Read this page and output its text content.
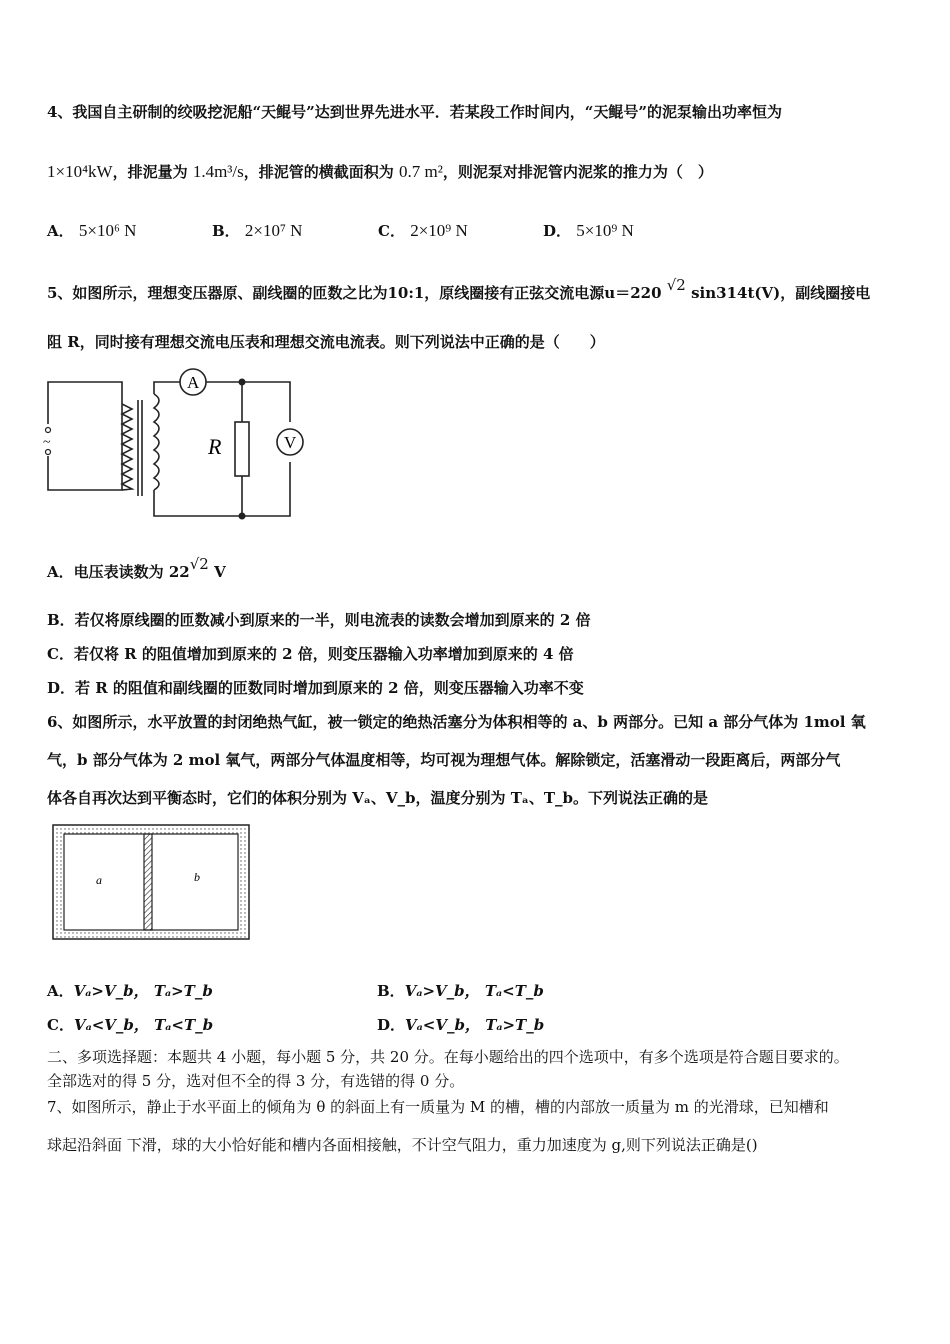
4、我国自主研制的绞吸挖泥船“天鲲号”达到世界先进水平．若某段工作时间内，“天鲲号”的泥泵输出功率恒为
1×10⁴kW，排泥量为 1.4m³/s，排泥管的横截面积为 0.7 m²，则泥泵对排泥管内泥浆的推力为（　）
A． 5×10⁶ N	B． 2×10⁷ N	C． 2×10⁹ N	D． 5×10⁹ N
5、如图所示，理想变压器原、副线圈的匝数之比为10:1，原线圈接有正弦交流电源u＝220 √2 sin314t(V)，副线圈接电
阻 R，同时接有理想交流电压表和理想交流电流表。则下列说法中正确的是（　　）
~
A
V
R
A．电压表读数为 22√2 V
B．若仅将原线圈的匝数减小到原来的一半，则电流表的读数会增加到原来的 2 倍
C．若仅将 R 的阻值增加到原来的 2 倍，则变压器输入功率增加到原来的 4 倍
D．若 R 的阻值和副线圈的匝数同时增加到原来的 2 倍，则变压器输入功率不变
6、如图所示，水平放置的封闭绝热气缸，被一锁定的绝热活塞分为体积相等的 a、b 两部分。已知 a 部分气体为 1mol 氧
气，b 部分气体为 2 mol 氧气，两部分气体温度相等，均可视为理想气体。解除锁定，活塞滑动一段距离后，两部分气
体各自再次达到平衡态时，它们的体积分别为 Vₐ、V_b，温度分别为 Tₐ、T_b。下列说法正确的是
a	b
A．Vₐ>V_b， Tₐ>T_b	B．Vₐ>V_b， Tₐ<T_b
C．Vₐ<V_b， Tₐ<T_b	D．Vₐ<V_b， Tₐ>T_b
二、多项选择题：本题共 4 小题，每小题 5 分，共 20 分。在每小题给出的四个选项中，有多个选项是符合题目要求的。
全部选对的得 5 分，选对但不全的得 3 分，有选错的得 0 分。
7、如图所示，静止于水平面上的倾角为 θ 的斜面上有一质量为 M 的槽，槽的内部放一质量为 m 的光滑球，已知槽和
球起沿斜面 下滑，球的大小恰好能和槽内各面相接触，不计空气阻力，重力加速度为 g,则下列说法正确是()
